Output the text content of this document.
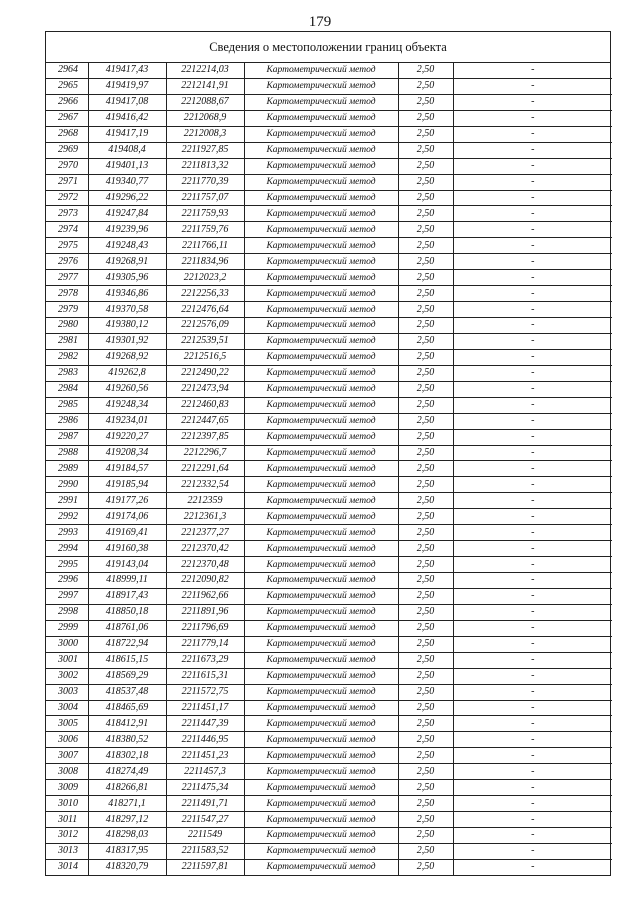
179
Сведения о местоположении границ объекта
2964	419417,43	2212214,03	Картометрический метод	2,50	-
2965	419419,97	2212141,91	Картометрический метод	2,50	-
2966	419417,08	2212088,67	Картометрический метод	2,50	-
2967	419416,42	2212068,9	Картометрический метод	2,50	-
2968	419417,19	2212008,3	Картометрический метод	2,50	-
2969	419408,4	2211927,85	Картометрический метод	2,50	-
2970	419401,13	2211813,32	Картометрический метод	2,50	-
2971	419340,77	2211770,39	Картометрический метод	2,50	-
2972	419296,22	2211757,07	Картометрический метод	2,50	-
2973	419247,84	2211759,93	Картометрический метод	2,50	-
2974	419239,96	2211759,76	Картометрический метод	2,50	-
2975	419248,43	2211766,11	Картометрический метод	2,50	-
2976	419268,91	2211834,96	Картометрический метод	2,50	-
2977	419305,96	2212023,2	Картометрический метод	2,50	-
2978	419346,86	2212256,33	Картометрический метод	2,50	-
2979	419370,58	2212476,64	Картометрический метод	2,50	-
2980	419380,12	2212576,09	Картометрический метод	2,50	-
2981	419301,92	2212539,51	Картометрический метод	2,50	-
2982	419268,92	2212516,5	Картометрический метод	2,50	-
2983	419262,8	2212490,22	Картометрический метод	2,50	-
2984	419260,56	2212473,94	Картометрический метод	2,50	-
2985	419248,34	2212460,83	Картометрический метод	2,50	-
2986	419234,01	2212447,65	Картометрический метод	2,50	-
2987	419220,27	2212397,85	Картометрический метод	2,50	-
2988	419208,34	2212296,7	Картометрический метод	2,50	-
2989	419184,57	2212291,64	Картометрический метод	2,50	-
2990	419185,94	2212332,54	Картометрический метод	2,50	-
2991	419177,26	2212359	Картометрический метод	2,50	-
2992	419174,06	2212361,3	Картометрический метод	2,50	-
2993	419169,41	2212377,27	Картометрический метод	2,50	-
2994	419160,38	2212370,42	Картометрический метод	2,50	-
2995	419143,04	2212370,48	Картометрический метод	2,50	-
2996	418999,11	2212090,82	Картометрический метод	2,50	-
2997	418917,43	2211962,66	Картометрический метод	2,50	-
2998	418850,18	2211891,96	Картометрический метод	2,50	-
2999	418761,06	2211796,69	Картометрический метод	2,50	-
3000	418722,94	2211779,14	Картометрический метод	2,50	-
3001	418615,15	2211673,29	Картометрический метод	2,50	-
3002	418569,29	2211615,31	Картометрический метод	2,50	-
3003	418537,48	2211572,75	Картометрический метод	2,50	-
3004	418465,69	2211451,17	Картометрический метод	2,50	-
3005	418412,91	2211447,39	Картометрический метод	2,50	-
3006	418380,52	2211446,95	Картометрический метод	2,50	-
3007	418302,18	2211451,23	Картометрический метод	2,50	-
3008	418274,49	2211457,3	Картометрический метод	2,50	-
3009	418266,81	2211475,34	Картометрический метод	2,50	-
3010	418271,1	2211491,71	Картометрический метод	2,50	-
3011	418297,12	2211547,27	Картометрический метод	2,50	-
3012	418298,03	2211549	Картометрический метод	2,50	-
3013	418317,95	2211583,52	Картометрический метод	2,50	-
3014	418320,79	2211597,81	Картометрический метод	2,50	-
